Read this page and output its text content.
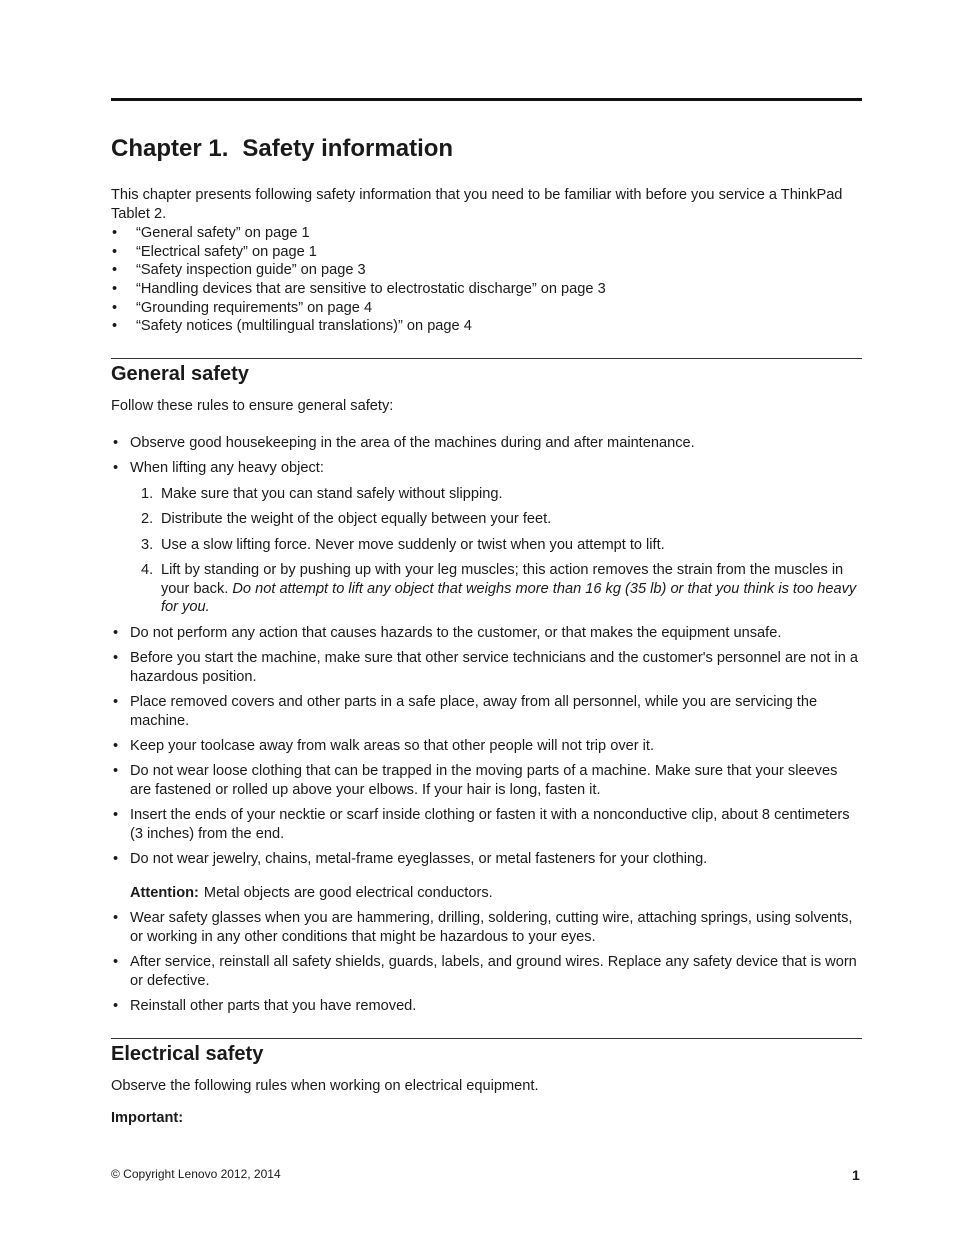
Chapter 1. Safety information
This chapter presents following safety information that you need to be familiar with before you service a ThinkPad Tablet 2.
• “General safety” on page 1
• “Electrical safety” on page 1
• “Safety inspection guide” on page 3
• “Handling devices that are sensitive to electrostatic discharge” on page 3
• “Grounding requirements” on page 4
• “Safety notices (multilingual translations)” on page 4
General safety
Follow these rules to ensure general safety:
• Observe good housekeeping in the area of the machines during and after maintenance.
• When lifting any heavy object:
1. Make sure that you can stand safely without slipping.
2. Distribute the weight of the object equally between your feet.
3. Use a slow lifting force. Never move suddenly or twist when you attempt to lift.
4. Lift by standing or by pushing up with your leg muscles; this action removes the strain from the muscles in your back. Do not attempt to lift any object that weighs more than 16 kg (35 lb) or that you think is too heavy for you.
• Do not perform any action that causes hazards to the customer, or that makes the equipment unsafe.
• Before you start the machine, make sure that other service technicians and the customer's personnel are not in a hazardous position.
• Place removed covers and other parts in a safe place, away from all personnel, while you are servicing the machine.
• Keep your toolcase away from walk areas so that other people will not trip over it.
• Do not wear loose clothing that can be trapped in the moving parts of a machine. Make sure that your sleeves are fastened or rolled up above your elbows. If your hair is long, fasten it.
• Insert the ends of your necktie or scarf inside clothing or fasten it with a nonconductive clip, about 8 centimeters (3 inches) from the end.
• Do not wear jewelry, chains, metal-frame eyeglasses, or metal fasteners for your clothing.
Attention: Metal objects are good electrical conductors.
• Wear safety glasses when you are hammering, drilling, soldering, cutting wire, attaching springs, using solvents, or working in any other conditions that might be hazardous to your eyes.
• After service, reinstall all safety shields, guards, labels, and ground wires. Replace any safety device that is worn or defective.
• Reinstall other parts that you have removed.
Electrical safety
Observe the following rules when working on electrical equipment.
Important:
© Copyright Lenovo 2012, 2014	1
